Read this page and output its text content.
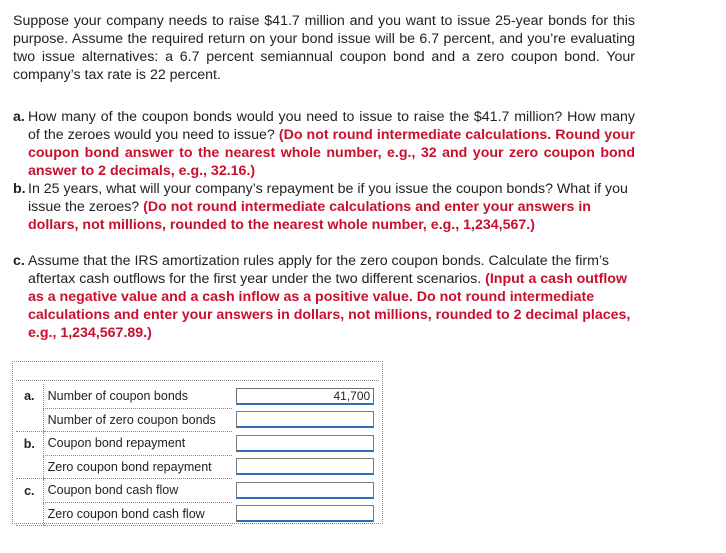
Suppose your company needs to raise $41.7 million and you want to issue 25-year bonds for this purpose. Assume the required return on your bond issue will be 6.7 percent, and you’re evaluating two issue alternatives: a 6.7 percent semiannual coupon bond and a zero coupon bond. Your company’s tax rate is 22 percent.

a. How many of the coupon bonds would you need to issue to raise the $41.7 million? How many of the zeroes would you need to issue? (Do not round intermediate calculations. Round your coupon bond answer to the nearest whole number, e.g., 32 and your zero coupon bond answer to 2 decimals, e.g., 32.16.)
b. In 25 years, what will your company’s repayment be if you issue the coupon bonds? What if you issue the zeroes? (Do not round intermediate calculations and enter your answers in dollars, not millions, rounded to the nearest whole number, e.g., 1,234,567.)
c. Assume that the IRS amortization rules apply for the zero coupon bonds. Calculate the firm’s aftertax cash outflows for the first year under the two different scenarios. (Input a cash outflow as a negative value and a cash inflow as a positive value. Do not round intermediate calculations and enter your answers in dollars, not millions, rounded to 2 decimal places, e.g., 1,234,567.89.)
a.	Number of coupon bonds	41,700
	Number of zero coupon bonds	
b.	Coupon bond repayment	
	Zero coupon bond repayment	
c.	Coupon bond cash flow	
	Zero coupon bond cash flow	
